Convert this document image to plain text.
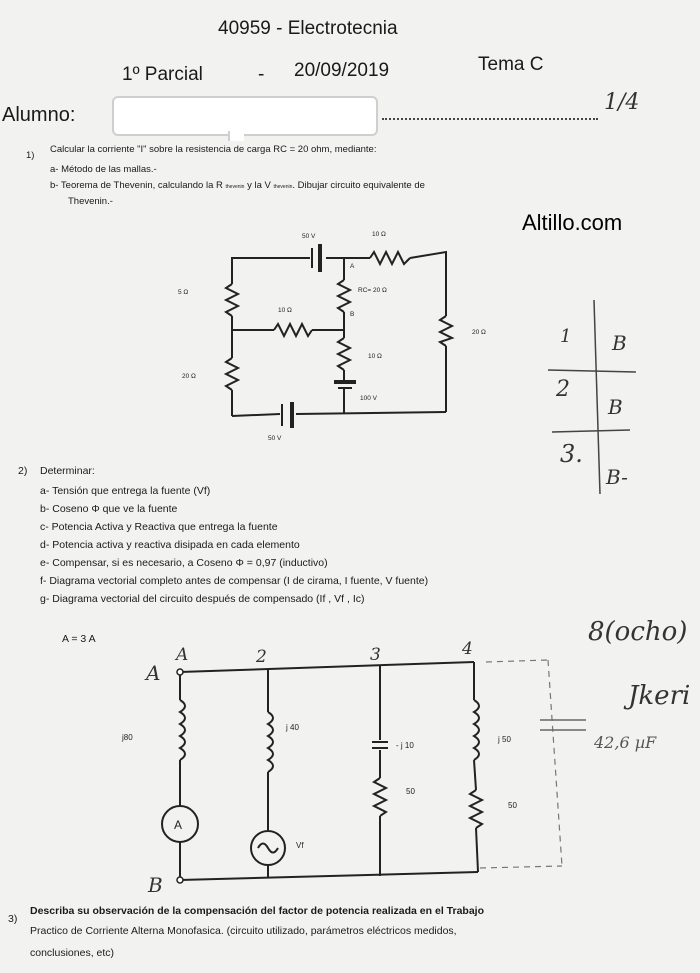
40959 - Electrotecnia
1º Parcial	- 20/09/2019	Tema C
Alumno:	1/4
Altillo.com
1)
Calcular la corriente "I" sobre la resistencia de carga RC = 20 ohm, mediante:
a- Método de las mallas.-
b- Teorema de Thevenin, calculando la R thevenin y la V thevenin. Dibujar circuito equivalente de
Thevenin.-
50 V	10 Ω
A
RC= 20 Ω
5 Ω
10 Ω
B
20 Ω
10 Ω
100 V
20 Ω
50 V
1 B
2
B
3.
B-
A	2	3	4
A
B
j80
j 40
- j 10
50
j 50
50
Vf
A
8(ocho)
Jkeri
42,6 µF
2) Determinar:
a- Tensión que entrega la fuente (Vf)
b- Coseno Φ que ve la fuente
c- Potencia Activa y Reactiva que entrega la fuente
d- Potencia activa y reactiva disipada en cada elemento
e- Compensar, si es necesario, a Coseno Φ = 0,97 (inductivo)
f- Diagrama vectorial completo antes de compensar (I de cirama, I fuente, V fuente)
g- Diagrama vectorial del circuito después de compensado (If , Vf , Ic)
A = 3 A
3)
Describa su observación de la compensación del factor de potencia realizada en el Trabajo
Practico de Corriente Alterna Monofasica. (circuito utilizado, parámetros eléctricos medidos,
conclusiones, etc)
